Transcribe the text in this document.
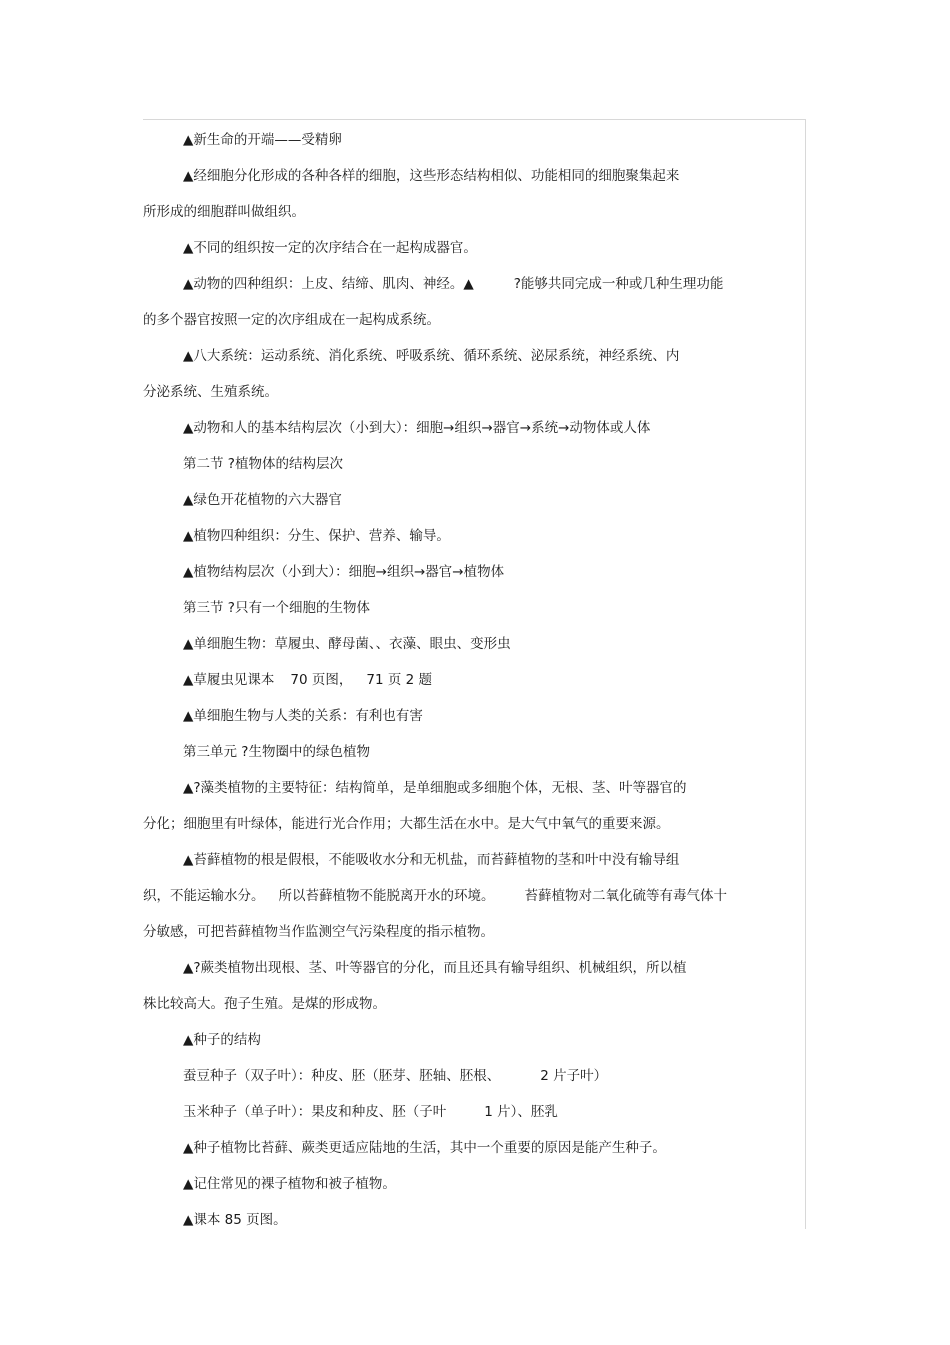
▲新生命的开端——受精卵
▲经细胞分化形成的各种各样的细胞，这些形态结构相似、功能相同的细胞聚集起来
所形成的细胞群叫做组织。
▲不同的组织按一定的次序结合在一起构成器官。
▲动物的四种组织：上皮、结缔、肌肉、神经。▲	?能够共同完成一种或几种生理功能
的多个器官按照一定的次序组成在一起构成系统。
▲八大系统：运动系统、消化系统、呼吸系统、循环系统、泌尿系统，神经系统、内
分泌系统、生殖系统。
▲动物和人的基本结构层次（小到大）：细胞→组织→器官→系统→动物体或人体
第二节 ?植物体的结构层次
▲绿色开花植物的六大器官
▲植物四种组织：分生、保护、营养、输导。
▲植物结构层次（小到大）：细胞→组织→器官→植物体
第三节 ?只有一个细胞的生物体
▲单细胞生物：草履虫、酵母菌、、衣藻、眼虫、变形虫
▲草履虫见课本 70 页图， 71 页 2 题
▲单细胞生物与人类的关系：有利也有害
第三单元 ?生物圈中的绿色植物
▲?藻类植物的主要特征：结构简单，是单细胞或多细胞个体，无根、茎、叶等器官的
分化；细胞里有叶绿体，能进行光合作用；大都生活在水中。是大气中氧气的重要来源。
▲苔藓植物的根是假根，不能吸收水分和无机盐，而苔藓植物的茎和叶中没有输导组
织，不能运输水分。 所以苔藓植物不能脱离开水的环境。 苔藓植物对二氧化硫等有毒气体十
分敏感，可把苔藓植物当作监测空气污染程度的指示植物。
▲?蕨类植物出现根、茎、叶等器官的分化，而且还具有输导组织、机械组织，所以植
株比较高大。孢子生殖。是煤的形成物。
▲种子的结构
蚕豆种子（双子叶）：种皮、胚（胚芽、胚轴、胚根、	2 片子叶）
玉米种子（单子叶）：果皮和种皮、胚（子叶	1 片）、胚乳
▲种子植物比苔藓、蕨类更适应陆地的生活，其中一个重要的原因是能产生种子。
▲记住常见的裸子植物和被子植物。
▲课本 85 页图。
